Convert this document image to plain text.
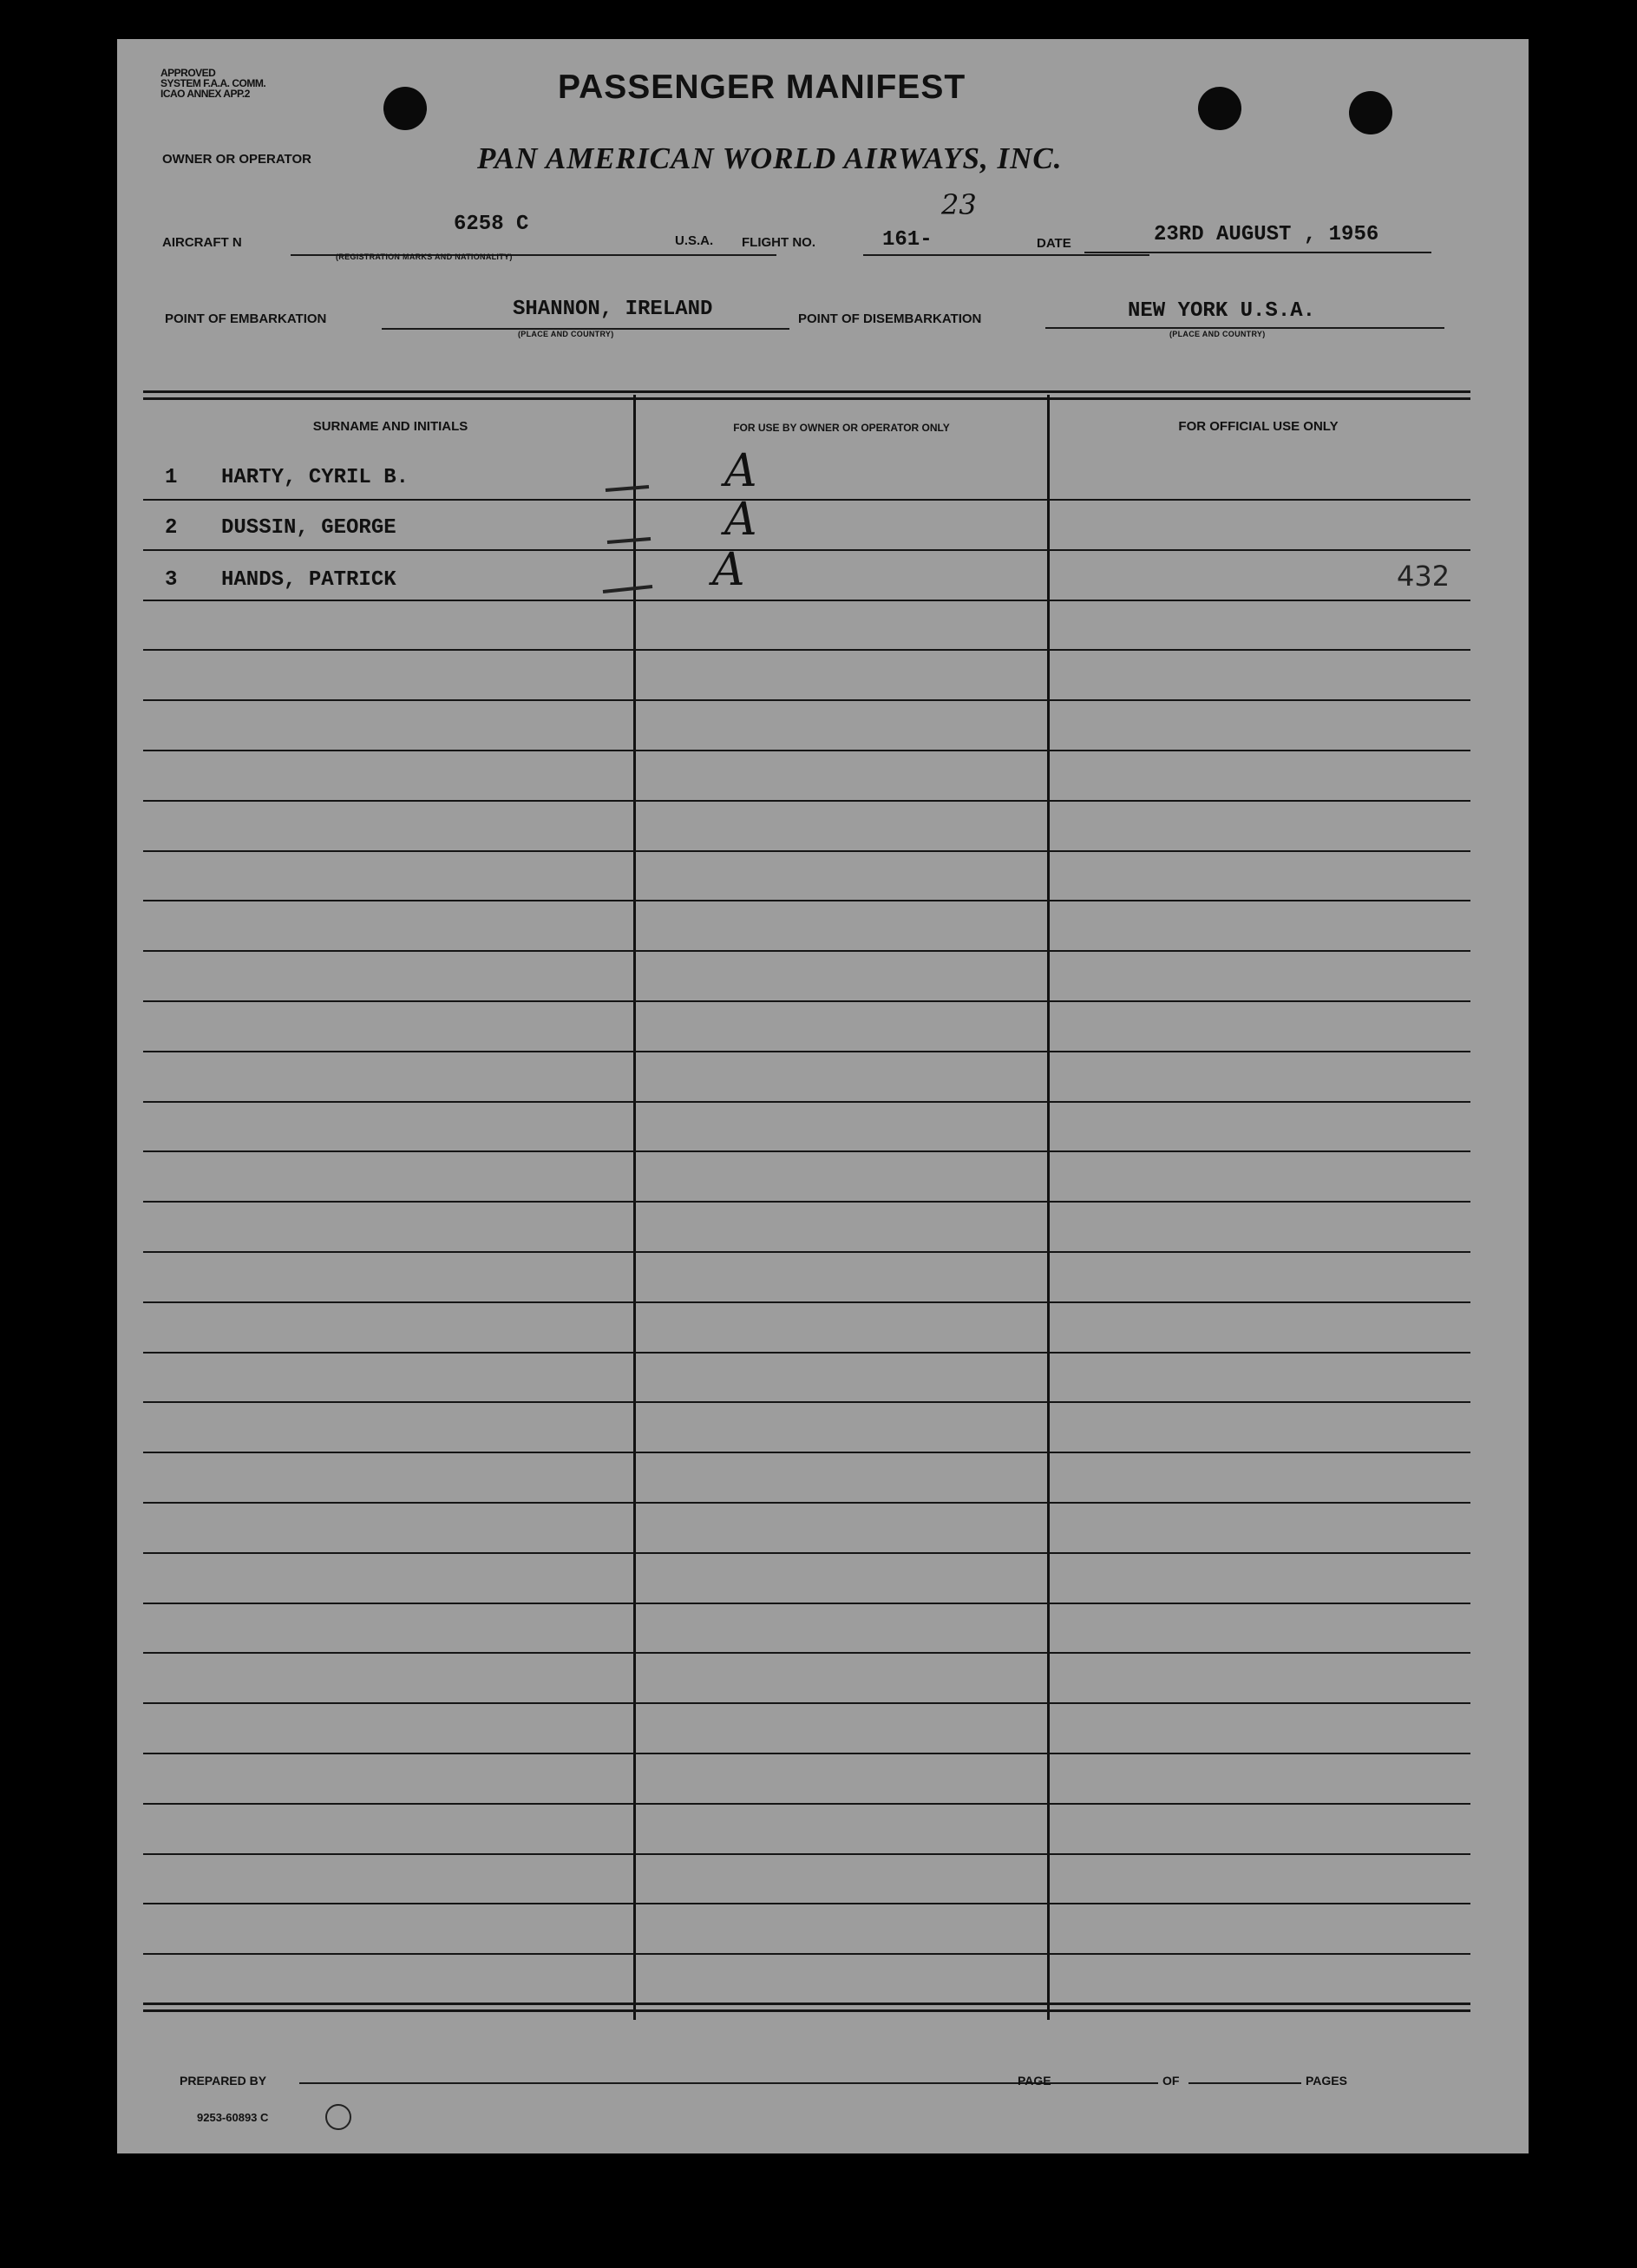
APPROVED
SYSTEM F.A.A. COMM.
ICAO ANNEX APP.2	PASSENGER MANIFEST
OWNER OR OPERATOR	PAN AMERICAN WORLD AIRWAYS, INC.
AIRCRAFT N
6258 C
(REGISTRATION MARKS AND NATIONALITY)
U.S.A. FLIGHT NO.	161-
23
DATE	23RD AUGUST , 1956
POINT OF EMBARKATION	SHANNON, IRELAND
(PLACE AND COUNTRY)
POINT OF DISEMBARKATION	NEW YORK U.S.A.
(PLACE AND COUNTRY)
SURNAME AND INITIALS	FOR USE BY OWNER OR OPERATOR ONLY	FOR OFFICIAL USE ONLY
1 HARTY, CYRIL B.	A
2 DUSSIN, GEORGE	A
3 HANDS, PATRICK	A	432
PREPARED BY	PAGE	OF	PAGES
9253-60893 C
